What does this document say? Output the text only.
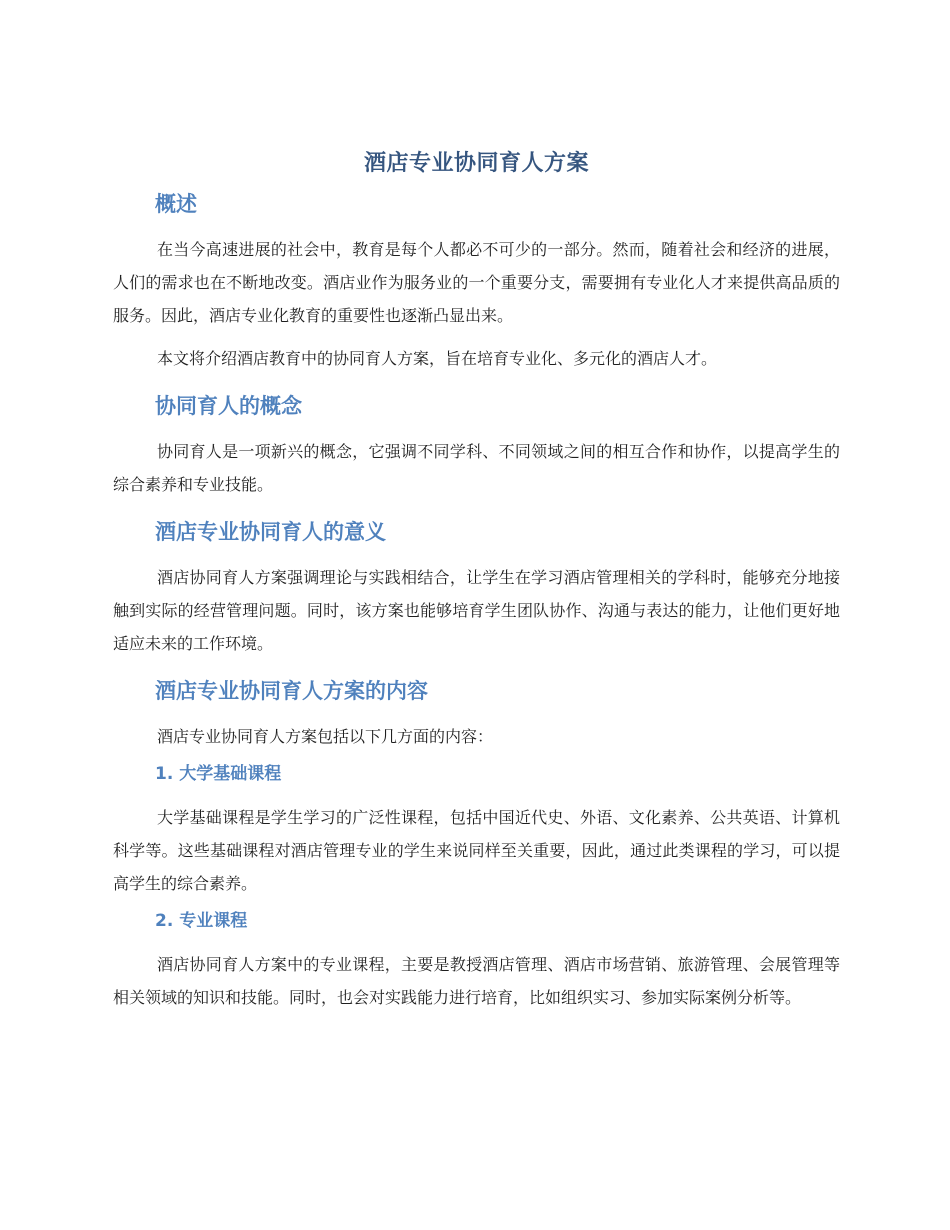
酒店专业协同育人方案
概述

在当今高速进展的社会中，教育是每个人都必不可少的一部分。然而，随着社会和经济的进展，人们的需求也在不断地改变。酒店业作为服务业的一个重要分支，需要拥有专业化人才来提供高品质的服务。因此，酒店专业化教育的重要性也逐渐凸显出来。

本文将介绍酒店教育中的协同育人方案，旨在培育专业化、多元化的酒店人才。

协同育人的概念

协同育人是一项新兴的概念，它强调不同学科、不同领域之间的相互合作和协作，以提高学生的综合素养和专业技能。

酒店专业协同育人的意义

酒店协同育人方案强调理论与实践相结合，让学生在学习酒店管理相关的学科时，能够充分地接触到实际的经营管理问题。同时，该方案也能够培育学生团队协作、沟通与表达的能力，让他们更好地适应未来的工作环境。

酒店专业协同育人方案的内容

酒店专业协同育人方案包括以下几方面的内容：

1. 大学基础课程

大学基础课程是学生学习的广泛性课程，包括中国近代史、外语、文化素养、公共英语、计算机科学等。这些基础课程对酒店管理专业的学生来说同样至关重要，因此，通过此类课程的学习，可以提高学生的综合素养。

2. 专业课程

酒店协同育人方案中的专业课程，主要是教授酒店管理、酒店市场营销、旅游管理、会展管理等相关领域的知识和技能。同时，也会对实践能力进行培育，比如组织实习、参加实际案例分析等。
